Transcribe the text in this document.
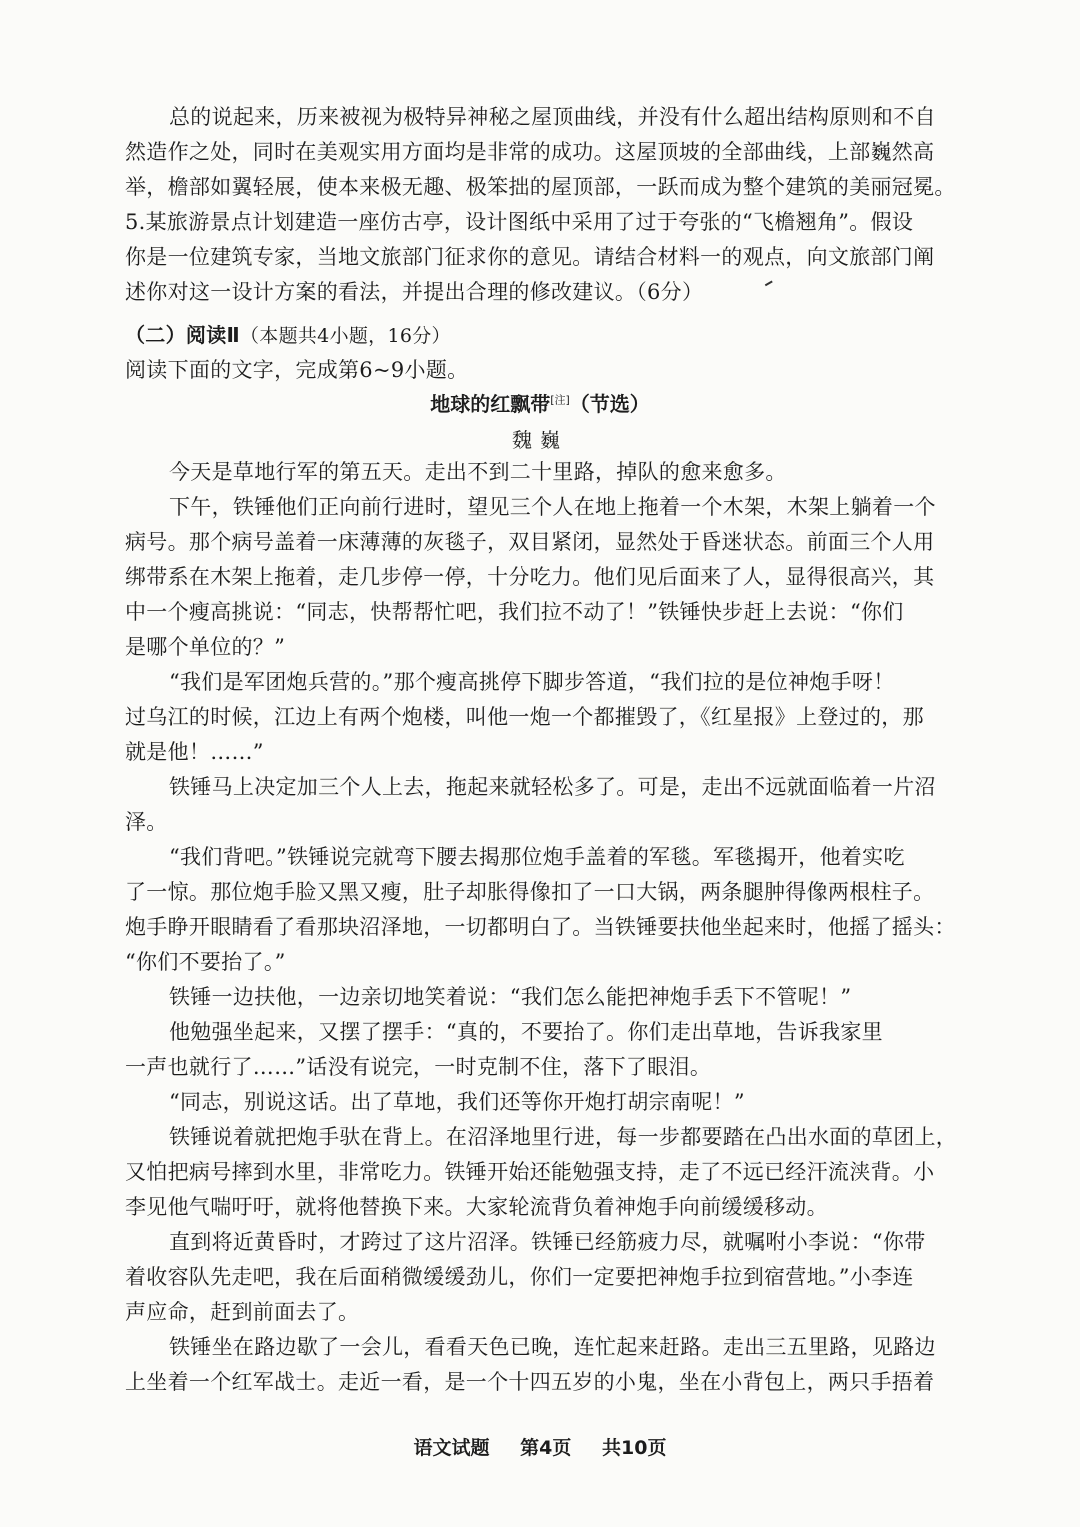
总的说起来，历来被视为极特异神秘之屋顶曲线，并没有什么超出结构原则和不自
然造作之处，同时在美观实用方面均是非常的成功。这屋顶坡的全部曲线，上部巍然高
举，檐部如翼轻展，使本来极无趣、极笨拙的屋顶部，一跃而成为整个建筑的美丽冠冕。
5.某旅游景点计划建造一座仿古亭，设计图纸中采用了过于夸张的“飞檐翘角”。假设
你是一位建筑专家，当地文旅部门征求你的意见。请结合材料一的观点，向文旅部门阐
述你对这一设计方案的看法，并提出合理的修改建议。（6分）
（二）阅读Ⅱ（本题共4小题，16分）
阅读下面的文字，完成第6~9小题。
地球的红飘带[注]（节选）
魏巍
今天是草地行军的第五天。走出不到二十里路，掉队的愈来愈多。
下午，铁锤他们正向前行进时，望见三个人在地上拖着一个木架，木架上躺着一个
病号。那个病号盖着一床薄薄的灰毯子，双目紧闭，显然处于昏迷状态。前面三个人用
绑带系在木架上拖着，走几步停一停，十分吃力。他们见后面来了人，显得很高兴，其
中一个瘦高挑说：“同志，快帮帮忙吧，我们拉不动了！”铁锤快步赶上去说：“你们
是哪个单位的？”
“我们是军团炮兵营的。”那个瘦高挑停下脚步答道，“我们拉的是位神炮手呀！
过乌江的时候，江边上有两个炮楼，叫他一炮一个都摧毁了，《红星报》上登过的，那
就是他！……”
铁锤马上决定加三个人上去，拖起来就轻松多了。可是，走出不远就面临着一片沼
泽。
“我们背吧。”铁锤说完就弯下腰去揭那位炮手盖着的军毯。军毯揭开，他着实吃
了一惊。那位炮手脸又黑又瘦，肚子却胀得像扣了一口大锅，两条腿肿得像两根柱子。
炮手睁开眼睛看了看那块沼泽地，一切都明白了。当铁锤要扶他坐起来时，他摇了摇头：
“你们不要抬了。”
铁锤一边扶他，一边亲切地笑着说：“我们怎么能把神炮手丢下不管呢！”
他勉强坐起来，又摆了摆手：“真的，不要抬了。你们走出草地，告诉我家里
一声也就行了……”话没有说完，一时克制不住，落下了眼泪。
“同志，别说这话。出了草地，我们还等你开炮打胡宗南呢！”
铁锤说着就把炮手驮在背上。在沼泽地里行进，每一步都要踏在凸出水面的草团上，
又怕把病号摔到水里，非常吃力。铁锤开始还能勉强支持，走了不远已经汗流浃背。小
李见他气喘吁吁，就将他替换下来。大家轮流背负着神炮手向前缓缓移动。
直到将近黄昏时，才跨过了这片沼泽。铁锤已经筋疲力尽，就嘱咐小李说：“你带
着收容队先走吧，我在后面稍微缓缓劲儿，你们一定要把神炮手拉到宿营地。”小李连
声应命，赶到前面去了。
铁锤坐在路边歇了一会儿，看看天色已晚，连忙起来赶路。走出三五里路，见路边
上坐着一个红军战士。走近一看，是一个十四五岁的小鬼，坐在小背包上，两只手捂着
语文试题 第4页 共10页
